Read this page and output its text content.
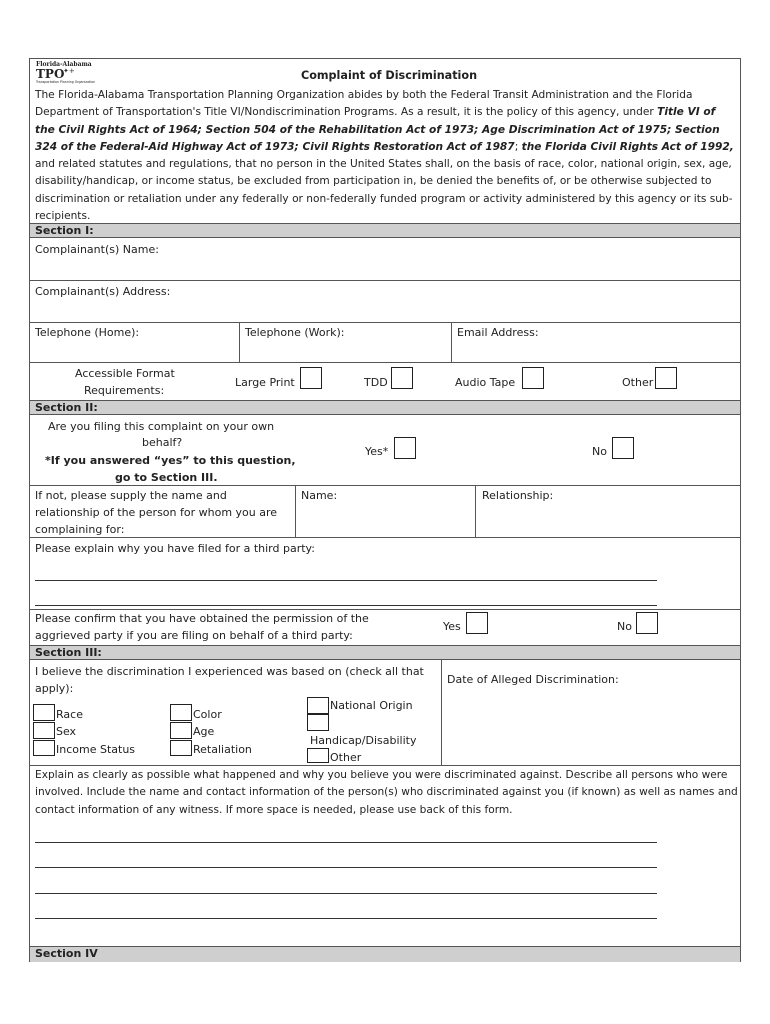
Florida-Alabama
TPO
✦+
Transportation Planning Organization	Complaint of Discrimination
The Florida-Alabama Transportation Planning Organization abides by both the Federal Transit Administration and the Florida Department of Transportation's Title VI/Nondiscrimination Programs. As a result, it is the policy of this agency, under Title VI of the Civil Rights Act of 1964; Section 504 of the Rehabilitation Act of 1973; Age Discrimination Act of 1975; Section 324 of the Federal-Aid Highway Act of 1973; Civil Rights Restoration Act of 1987; the Florida Civil Rights Act of 1992, and related statutes and regulations, that no person in the United States shall, on the basis of race, color, national origin, sex, age, disability/handicap, or income status, be excluded from participation in, be denied the benefits of, or be otherwise subjected to discrimination or retaliation under any federally or non-federally funded program or activity administered by this agency or its sub-recipients.
Section I:
Complainant(s) Name:
Complainant(s) Address:
Telephone (Home):	Telephone (Work):	Email Address:
Accessible Format
Requirements:
Large Print	TDD	Audio Tape	Other
Section II:
Are you filing this complaint on your own
behalf?
*If you answered “yes” to this question,
go to Section III.
Yes*	No
If not, please supply the name and
relationship of the person for whom you are
complaining for:
Name:	Relationship:
Please explain why you have filed for a third party:
Please confirm that you have obtained the permission of the
aggrieved party if you are filing on behalf of a third party:
Yes	No
Section III:
I believe the discrimination I experienced was based on (check all that
apply):
Date of Alleged Discrimination:
Race
Sex
Income Status
Color
Age
Retaliation
National Origin
Handicap/Disability
Other
Explain as clearly as possible what happened and why you believe you were discriminated against. Describe all persons who were involved. Include the name and contact information of the person(s) who discriminated against you (if known) as well as names and contact information of any witness. If more space is needed, please use back of this form.
Section IV
